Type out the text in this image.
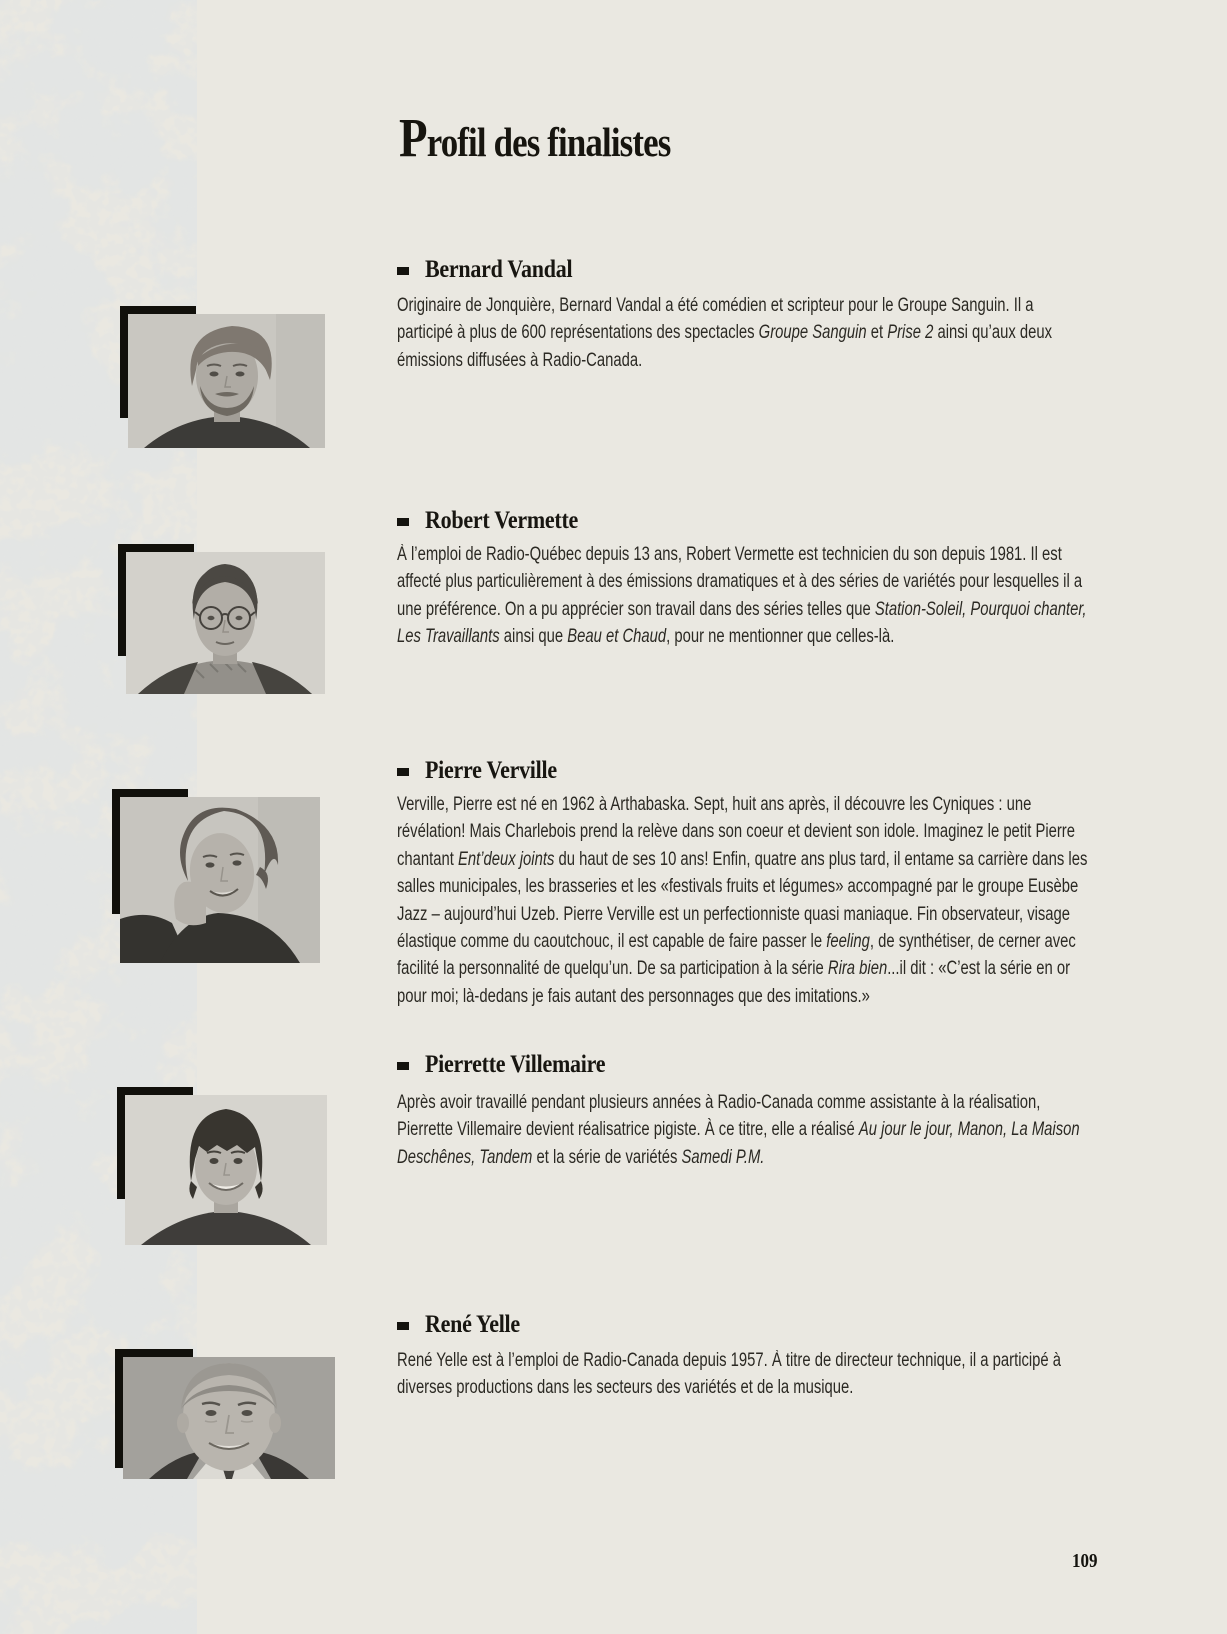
Profil des finalistes
Bernard Vandal

Originaire de Jonquière, Bernard Vandal a été comédien et scripteur pour le Groupe Sanguin. Il a participé à plus de 600 représentations des spectacles Groupe Sanguin et Prise 2 ainsi qu’aux deux émissions diffusées à Radio-Canada.

Robert Vermette

À l’emploi de Radio-Québec depuis 13 ans, Robert Vermette est technicien du son depuis 1981. Il est affecté plus particulièrement à des émissions dramatiques et à des séries de variétés pour lesquelles il a une préférence. On a pu apprécier son travail dans des séries telles que Station-Soleil, Pourquoi chanter, Les Travaillants ainsi que Beau et Chaud, pour ne mentionner que celles-là.

Pierre Verville

Verville, Pierre est né en 1962 à Arthabaska. Sept, huit ans après, il découvre les Cyniques : une révélation! Mais Charlebois prend la relève dans son coeur et devient son idole. Imaginez le petit Pierre chantant Ent’deux joints du haut de ses 10 ans! Enfin, quatre ans plus tard, il entame sa carrière dans les salles municipales, les brasseries et les «festivals fruits et légumes» accompagné par le groupe Eusèbe Jazz – aujourd’hui Uzeb. Pierre Verville est un perfectionniste quasi maniaque. Fin observateur, visage élastique comme du caoutchouc, il est capable de faire passer le feeling, de synthétiser, de cerner avec facilité la personnalité de quelqu’un. De sa participation à la série Rira bien...il dit : «C’est la série en or pour moi; là-dedans je fais autant des personnages que des imitations.»

Pierrette Villemaire

Après avoir travaillé pendant plusieurs années à Radio-Canada comme assistante à la réalisation, Pierrette Villemaire devient réalisatrice pigiste. À ce titre, elle a réalisé Au jour le jour, Manon, La Maison Deschênes, Tandem et la série de variétés Samedi P.M.

René Yelle

René Yelle est à l’emploi de Radio-Canada depuis 1957. À titre de directeur technique, il a participé à diverses productions dans les secteurs des variétés et de la musique.

109
